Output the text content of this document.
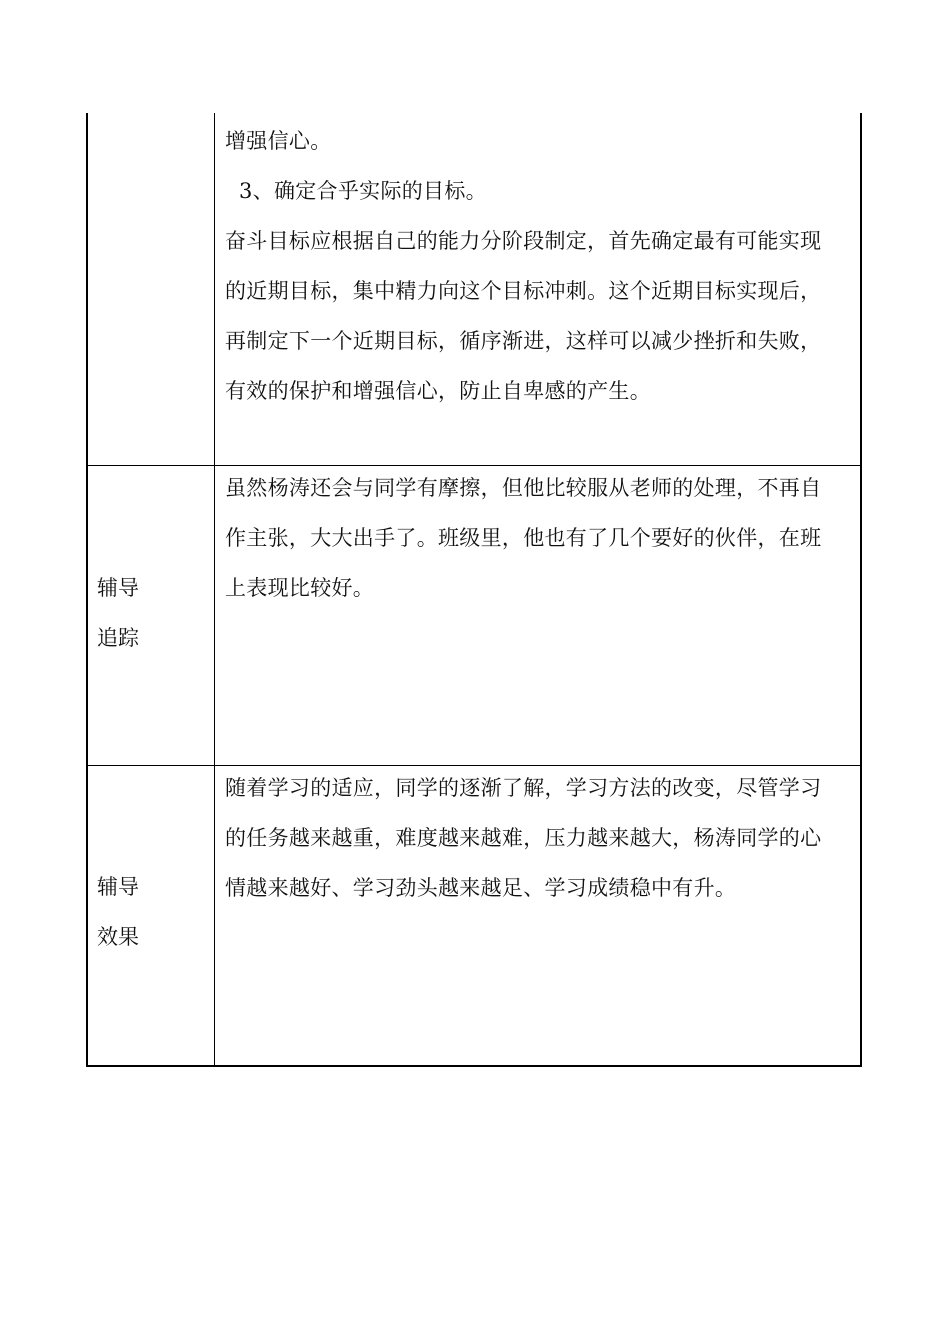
增强信心。
3、确定合乎实际的目标。
奋斗目标应根据自己的能力分阶段制定，首先确定最有可能实现
的近期目标，集中精力向这个目标冲刺。这个近期目标实现后，
再制定下一个近期目标，循序渐进，这样可以减少挫折和失败，
有效的保护和增强信心，防止自卑感的产生。

辅导
追踪

虽然杨涛还会与同学有摩擦，但他比较服从老师的处理，不再自
作主张，大大出手了。班级里，他也有了几个要好的伙伴，在班
上表现比较好。

辅导
效果

随着学习的适应，同学的逐渐了解，学习方法的改变，尽管学习
的任务越来越重，难度越来越难，压力越来越大，杨涛同学的心
情越来越好、学习劲头越来越足、学习成绩稳中有升。
